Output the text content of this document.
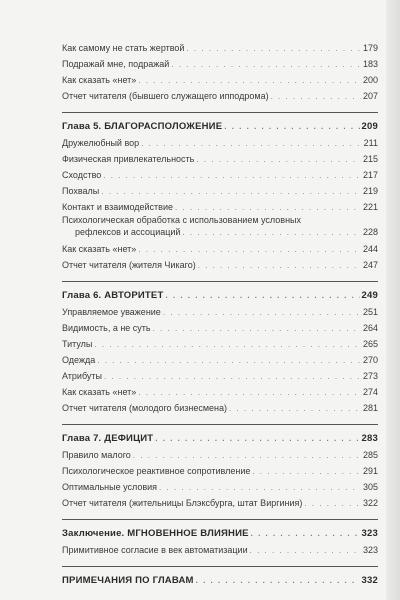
Как самому не стать жертвой . . .	179
Подражай мне, подражай . . .	183
Как сказать «нет» . . .	200
Отчет читателя (бывшего служащего ипподрома) . . .	207
Глава 5. БЛАГОРАСПОЛОЖЕНИЕ . . .	209
Дружелюбный вор . . .	211
Физическая привлекательность . . .	215
Сходство . . .	217
Похвалы . . .	219
Контакт и взаимодействие . . .	221
Психологическая обработка с использованием условных
рефлексов и ассоциаций . . .	228
Как сказать «нет» . . .	244
Отчет читателя (жителя Чикаго) . . .	247
Глава 6. АВТОРИТЕТ . . .	249
Управляемое уважение . . .	251
Видимость, а не суть . . .	264
Титулы . . .	265
Одежда . . .	270
Атрибуты . . .	273
Как сказать «нет» . . .	274
Отчет читателя (молодого бизнесмена) . . .	281
Глава 7. ДЕФИЦИТ . . .	283
Правило малого . . .	285
Психологическое реактивное сопротивление . . .	291
Оптимальные условия . . .	305
Отчет читателя (жительницы Блэксбурга, штат Виргиния) . . .	322
Заключение. МГНОВЕННОЕ ВЛИЯНИЕ . . .	323
Примитивное согласие в век автоматизации . . .	323
ПРИМЕЧАНИЯ ПО ГЛАВАМ . . .	332
